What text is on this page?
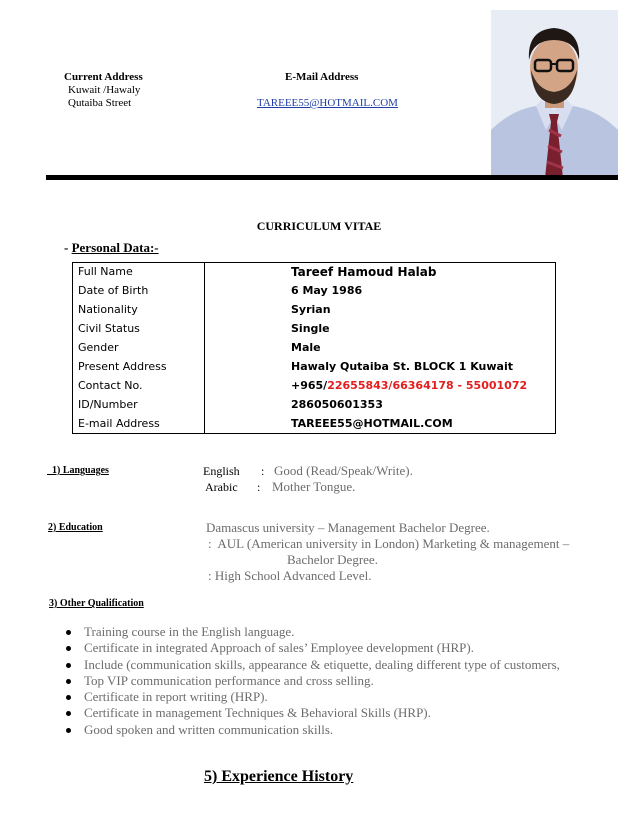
Current Address
Kuwait /Hawaly
Qutaiba Street
E-Mail Address
TAREEE55@HOTMAIL.COM
CURRICULUM VITAE
- Personal Data:-
Full Name	Tareef Hamoud Halab
Date of Birth	6 May 1986
Nationality	Syrian
Civil Status	Single
Gender	Male
Present Address	Hawaly Qutaiba St. BLOCK 1 Kuwait
Contact No.	+965/22655843/66364178 - 55001072
ID/Number	286050601353
E-mail Address	TAREEE55@HOTMAIL.COM
1) Languages	English : Good (Read/Speak/Write).
Arabic : Mother Tongue.
2) Education	Damascus university – Management Bachelor Degree.
:  AUL (American university in London) Marketing & management –
Bachelor Degree.
: High School Advanced Level.
3) Other Qualification
Training course in the English language.
Certificate in integrated Approach of sales’ Employee development (HRP).
Include (communication skills, appearance & etiquette, dealing different type of customers,
Top VIP communication performance and cross selling.
Certificate in report writing (HRP).
Certificate in management Techniques & Behavioral Skills (HRP).
Good spoken and written communication skills.
5) Experience History
